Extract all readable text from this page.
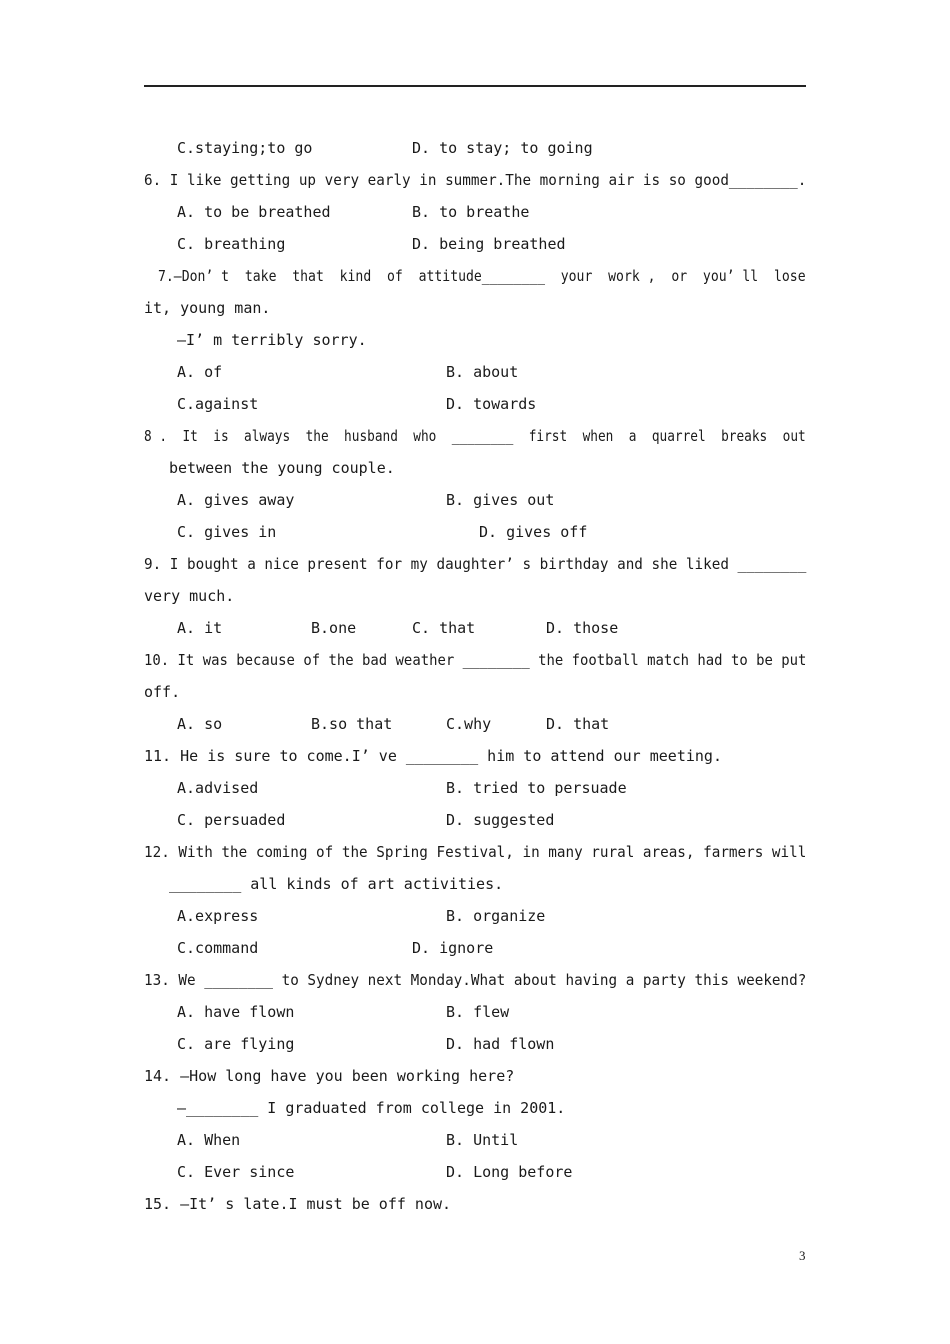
C.staying;to go	D. to stay; to going
6. I like getting up very early in summer.The morning air is so good________.
A. to be breathed	B. to breathe
C. breathing	D. being breathed
7.—Don’ t  take  that  kind  of  attitude________  your  work ,  or  you’ ll  lose
it, young man.
—I’ m terribly sorry.
A. of	B. about
C.against	D. towards
8 .  It  is  always  the  husband  who  ________  first  when  a  quarrel  breaks  out
between the young couple.
A. gives away	B. gives out
C. gives in	D. gives off
9. I bought a nice present for my daughter’ s birthday and she liked ________
very much.
A. it	B.one	C. that	D. those
10. It was because of the bad weather ________ the football match had to be put
off.
A. so	B.so that	C.why	D. that
11. He is sure to come.I’ ve ________ him to attend our meeting.
A.advised	B. tried to persuade
C. persuaded	D. suggested
12. With the coming of the Spring Festival, in many rural areas, farmers will
________ all kinds of art activities.
A.express	B. organize
C.command	D. ignore
13. We ________ to Sydney next Monday.What about having a party this weekend?
A. have flown	B. flew
C. are flying	D. had flown
14. —How long have you been working here?
—________ I graduated from college in 2001.
A. When	B. Until
C. Ever since	D. Long before
15. —It’ s late.I must be off now.
3
